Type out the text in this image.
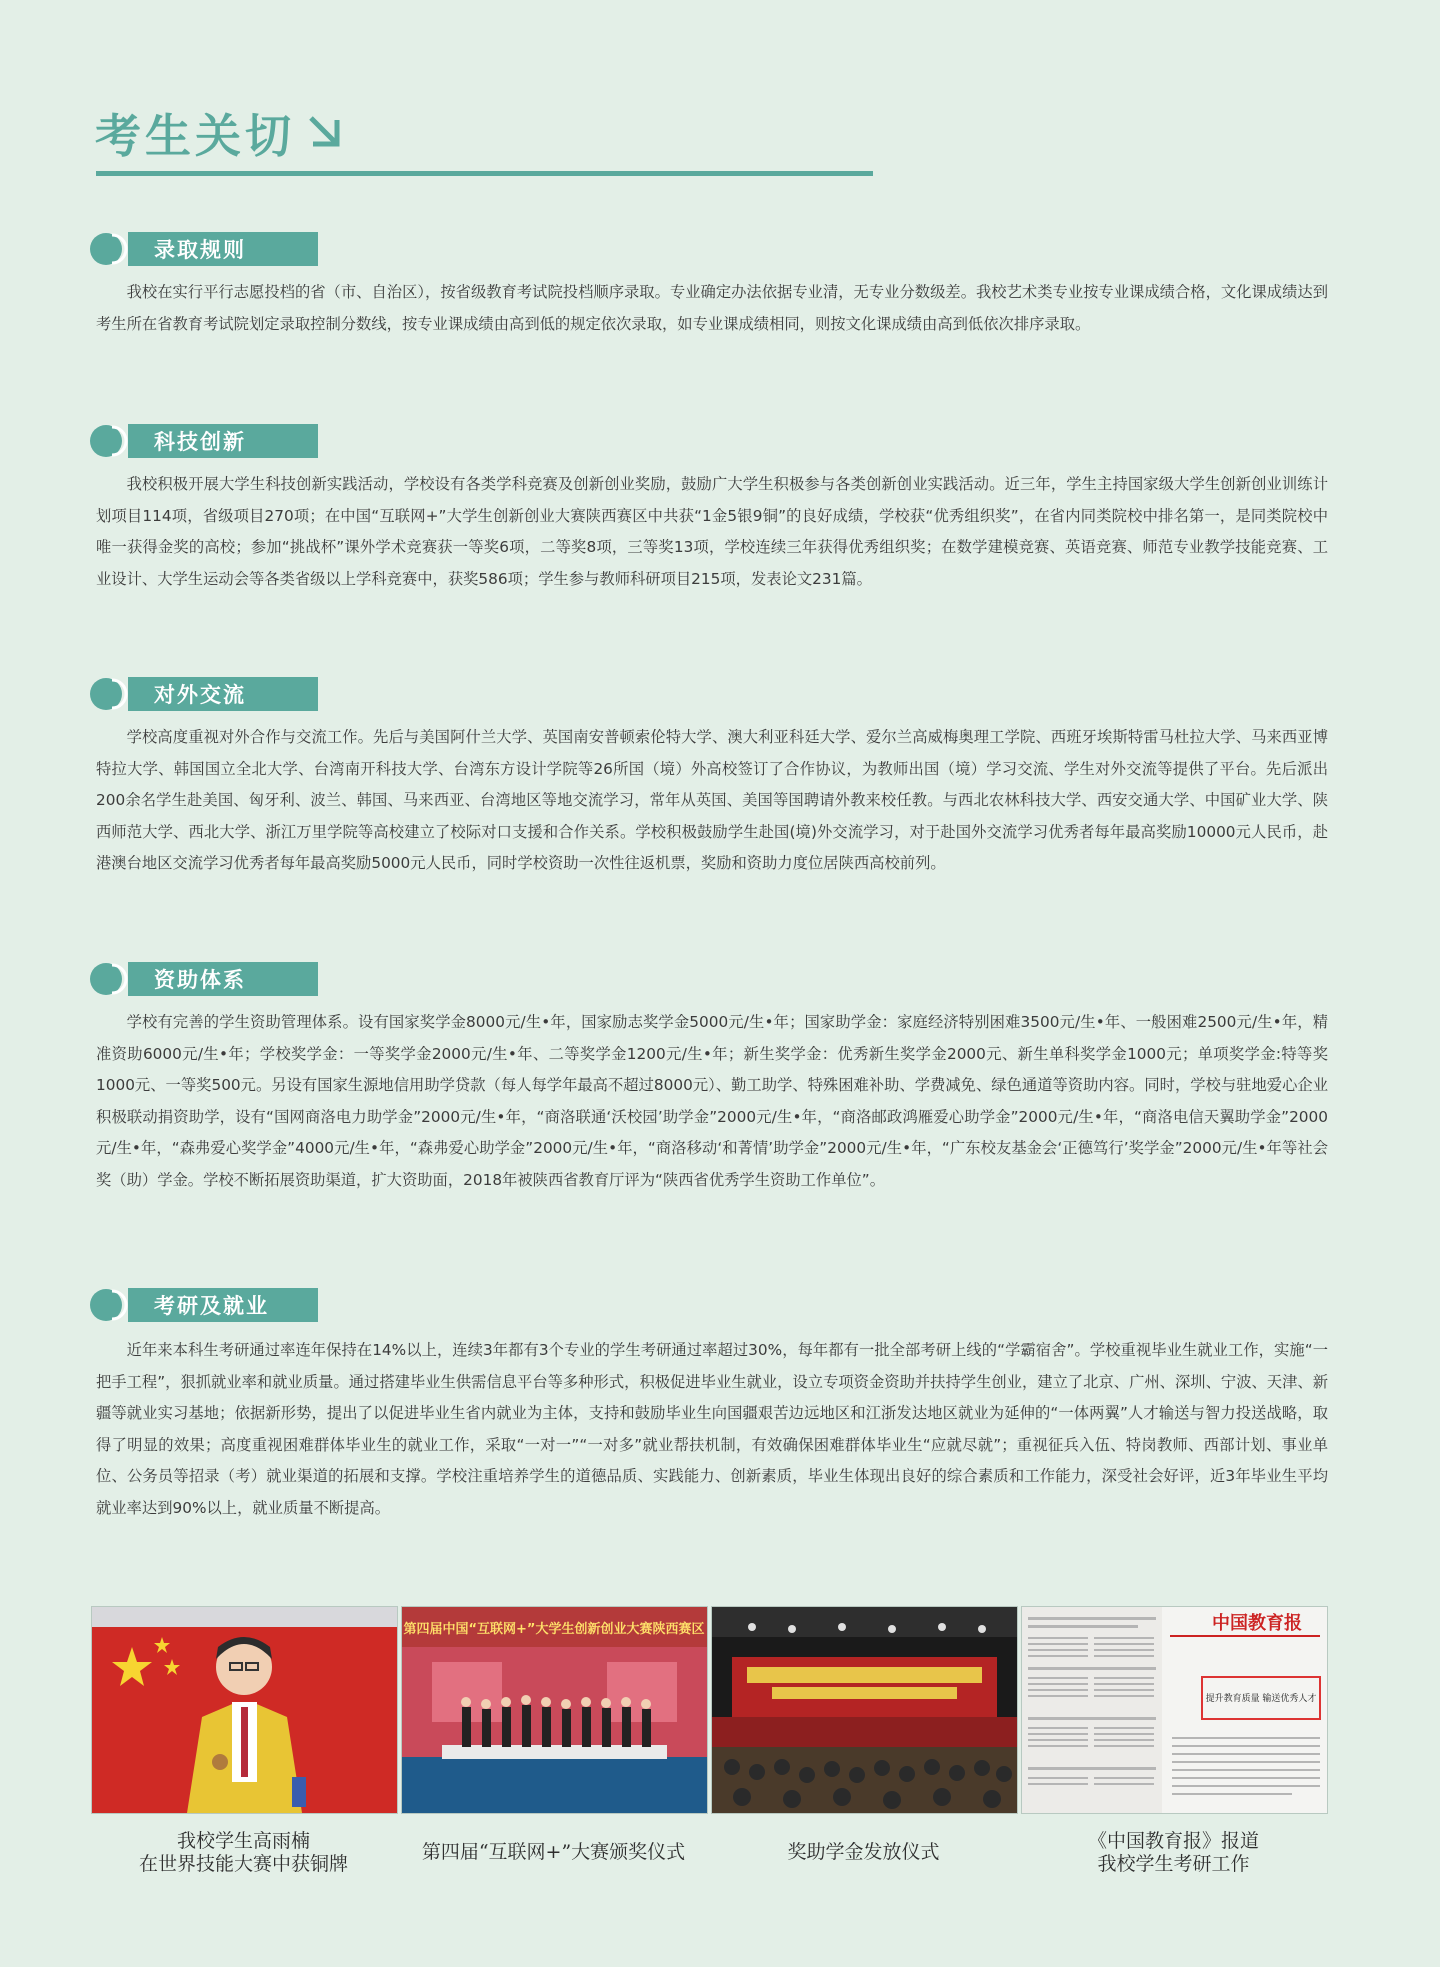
考生关切
录取规则
我校在实行平行志愿投档的省（市、自治区），按省级教育考试院投档顺序录取。专业确定办法依据专业清，无专业分数级差。我校艺术类专业按专业课成绩合格，文化课成绩达到考生所在省教育考试院划定录取控制分数线，按专业课成绩由高到低的规定依次录取，如专业课成绩相同，则按文化课成绩由高到低依次排序录取。
科技创新
我校积极开展大学生科技创新实践活动，学校设有各类学科竞赛及创新创业奖励，鼓励广大学生积极参与各类创新创业实践活动。近三年，学生主持国家级大学生创新创业训练计划项目114项，省级项目270项；在中国“互联网+”大学生创新创业大赛陕西赛区中共获“1金5银9铜”的良好成绩，学校获“优秀组织奖”，在省内同类院校中排名第一，是同类院校中唯一获得金奖的高校；参加“挑战杯”课外学术竞赛获一等奖6项，二等奖8项，三等奖13项，学校连续三年获得优秀组织奖；在数学建模竞赛、英语竞赛、师范专业教学技能竞赛、工业设计、大学生运动会等各类省级以上学科竞赛中，获奖586项；学生参与教师科研项目215项，发表论文231篇。
对外交流
学校高度重视对外合作与交流工作。先后与美国阿什兰大学、英国南安普顿索伦特大学、澳大利亚科廷大学、爱尔兰高威梅奥理工学院、西班牙埃斯特雷马杜拉大学、马来西亚博特拉大学、韩国国立全北大学、台湾南开科技大学、台湾东方设计学院等26所国（境）外高校签订了合作协议，为教师出国（境）学习交流、学生对外交流等提供了平台。先后派出200余名学生赴美国、匈牙利、波兰、韩国、马来西亚、台湾地区等地交流学习，常年从英国、美国等国聘请外教来校任教。与西北农林科技大学、西安交通大学、中国矿业大学、陕西师范大学、西北大学、浙江万里学院等高校建立了校际对口支援和合作关系。学校积极鼓励学生赴国(境)外交流学习，对于赴国外交流学习优秀者每年最高奖励10000元人民币，赴港澳台地区交流学习优秀者每年最高奖励5000元人民币，同时学校资助一次性往返机票，奖励和资助力度位居陕西高校前列。
资助体系
学校有完善的学生资助管理体系。设有国家奖学金8000元/生•年，国家励志奖学金5000元/生•年；国家助学金：家庭经济特别困难3500元/生•年、一般困难2500元/生•年，精准资助6000元/生•年；学校奖学金：一等奖学金2000元/生•年、二等奖学金1200元/生•年；新生奖学金：优秀新生奖学金2000元、新生单科奖学金1000元；单项奖学金:特等奖1000元、一等奖500元。另设有国家生源地信用助学贷款（每人每学年最高不超过8000元）、勤工助学、特殊困难补助、学费减免、绿色通道等资助内容。同时，学校与驻地爱心企业积极联动捐资助学，设有“国网商洛电力助学金”2000元/生•年，“商洛联通‘沃校园’助学金”2000元/生•年，“商洛邮政鸿雁爱心助学金”2000元/生•年，“商洛电信天翼助学金”2000元/生•年，“森弗爱心奖学金”4000元/生•年，“森弗爱心助学金”2000元/生•年，“商洛移动‘和菁情’助学金”2000元/生•年，“广东校友基金会‘正德笃行’奖学金”2000元/生•年等社会奖（助）学金。学校不断拓展资助渠道，扩大资助面，2018年被陕西省教育厅评为“陕西省优秀学生资助工作单位”。
考研及就业
近年来本科生考研通过率连年保持在14%以上，连续3年都有3个专业的学生考研通过率超过30%，每年都有一批全部考研上线的“学霸宿舍”。学校重视毕业生就业工作，实施“一把手工程”，狠抓就业率和就业质量。通过搭建毕业生供需信息平台等多种形式，积极促进毕业生就业，设立专项资金资助并扶持学生创业，建立了北京、广州、深圳、宁波、天津、新疆等就业实习基地；依据新形势，提出了以促进毕业生省内就业为主体，支持和鼓励毕业生向国疆艰苦边远地区和江浙发达地区就业为延伸的“一体两翼”人才输送与智力投送战略，取得了明显的效果；高度重视困难群体毕业生的就业工作，采取“一对一”“一对多”就业帮扶机制，有效确保困难群体毕业生“应就尽就”；重视征兵入伍、特岗教师、西部计划、事业单位、公务员等招录（考）就业渠道的拓展和支撑。学校注重培养学生的道德品质、实践能力、创新素质，毕业生体现出良好的综合素质和工作能力，深受社会好评，近3年毕业生平均就业率达到90%以上，就业质量不断提高。
第四届中国“互联网+”大学生创新创业大赛陕西赛区	中国教育报
提升教育质量 输送优秀人才
我校学生高雨楠
在世界技能大赛中获铜牌
第四届“互联网+”大赛颁奖仪式	奖助学金发放仪式	《中国教育报》报道
我校学生考研工作
